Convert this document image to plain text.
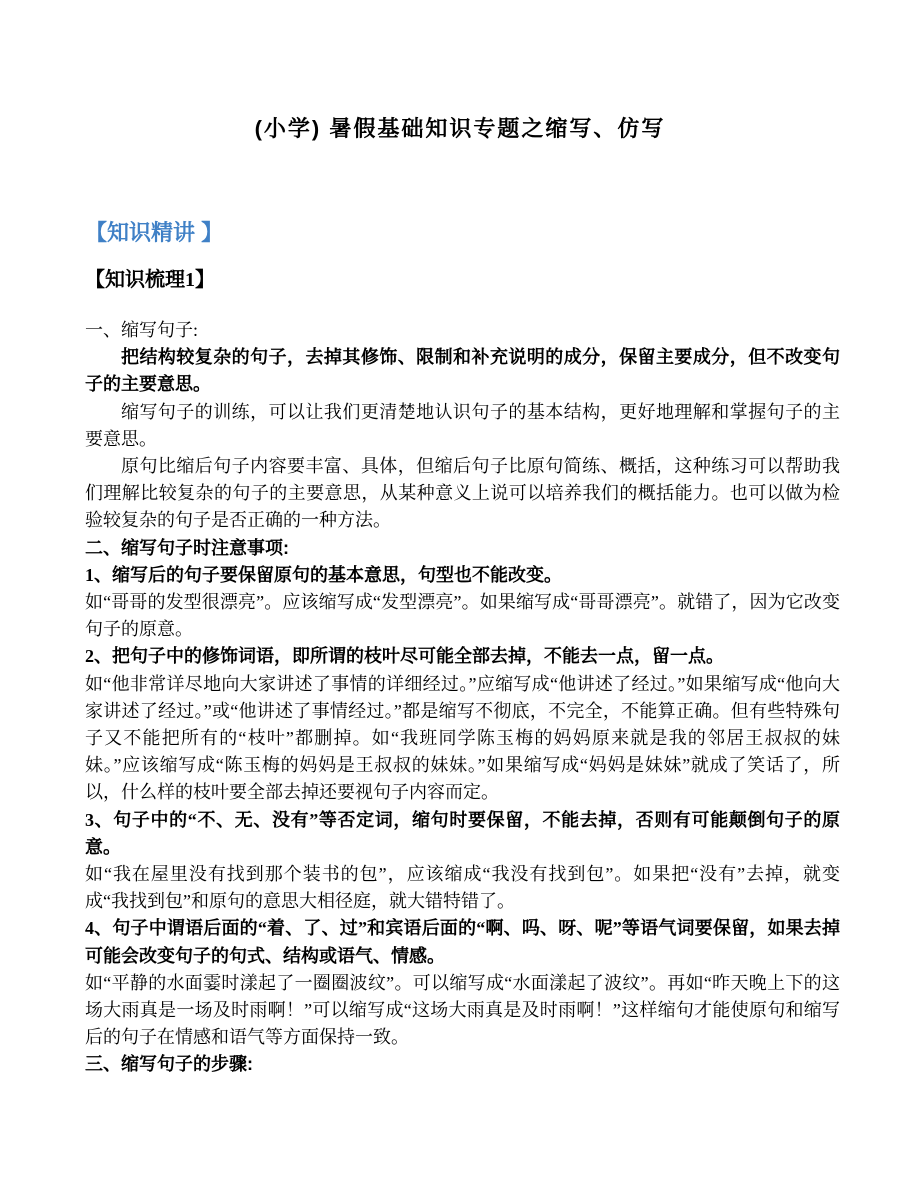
(小学) 暑假基础知识专题之缩写、仿写
【知识精讲 】
【知识梳理1】

一、缩写句子:

把结构较复杂的句子，去掉其修饰、限制和补充说明的成分，保留主要成分，但不改变句子的主要意思。

缩写句子的训练，可以让我们更清楚地认识句子的基本结构，更好地理解和掌握句子的主要意思。

原句比缩后句子内容要丰富、具体，但缩后句子比原句简练、概括，这种练习可以帮助我们理解比较复杂的句子的主要意思，从某种意义上说可以培养我们的概括能力。也可以做为检验较复杂的句子是否正确的一种方法。

二、缩写句子时注意事项:

1、缩写后的句子要保留原句的基本意思，句型也不能改变。

如“哥哥的发型很漂亮”。应该缩写成“发型漂亮”。如果缩写成“哥哥漂亮”。就错了，因为它改变句子的原意。

2、把句子中的修饰词语，即所谓的枝叶尽可能全部去掉，不能去一点，留一点。

如“他非常详尽地向大家讲述了事情的详细经过。”应缩写成“他讲述了经过。”如果缩写成“他向大家讲述了经过。”或“他讲述了事情经过。”都是缩写不彻底，不完全，不能算正确。但有些特殊句子又不能把所有的“枝叶”都删掉。如“我班同学陈玉梅的妈妈原来就是我的邻居王叔叔的妹妹。”应该缩写成“陈玉梅的妈妈是王叔叔的妹妹。”如果缩写成“妈妈是妹妹”就成了笑话了，所以，什么样的枝叶要全部去掉还要视句子内容而定。

3、句子中的“不、无、没有”等否定词，缩句时要保留，不能去掉，否则有可能颠倒句子的原意。

如“我在屋里没有找到那个装书的包”，应该缩成“我没有找到包”。如果把“没有”去掉，就变成“我找到包”和原句的意思大相径庭，就大错特错了。

4、句子中谓语后面的“着、了、过”和宾语后面的“啊、吗、呀、呢”等语气词要保留，如果去掉可能会改变句子的句式、结构或语气、情感。

如“平静的水面霎时漾起了一圈圈波纹”。可以缩写成“水面漾起了波纹”。再如“昨天晚上下的这场大雨真是一场及时雨啊！”可以缩写成“这场大雨真是及时雨啊！”这样缩句才能使原句和缩写后的句子在情感和语气等方面保持一致。

三、缩写句子的步骤:
